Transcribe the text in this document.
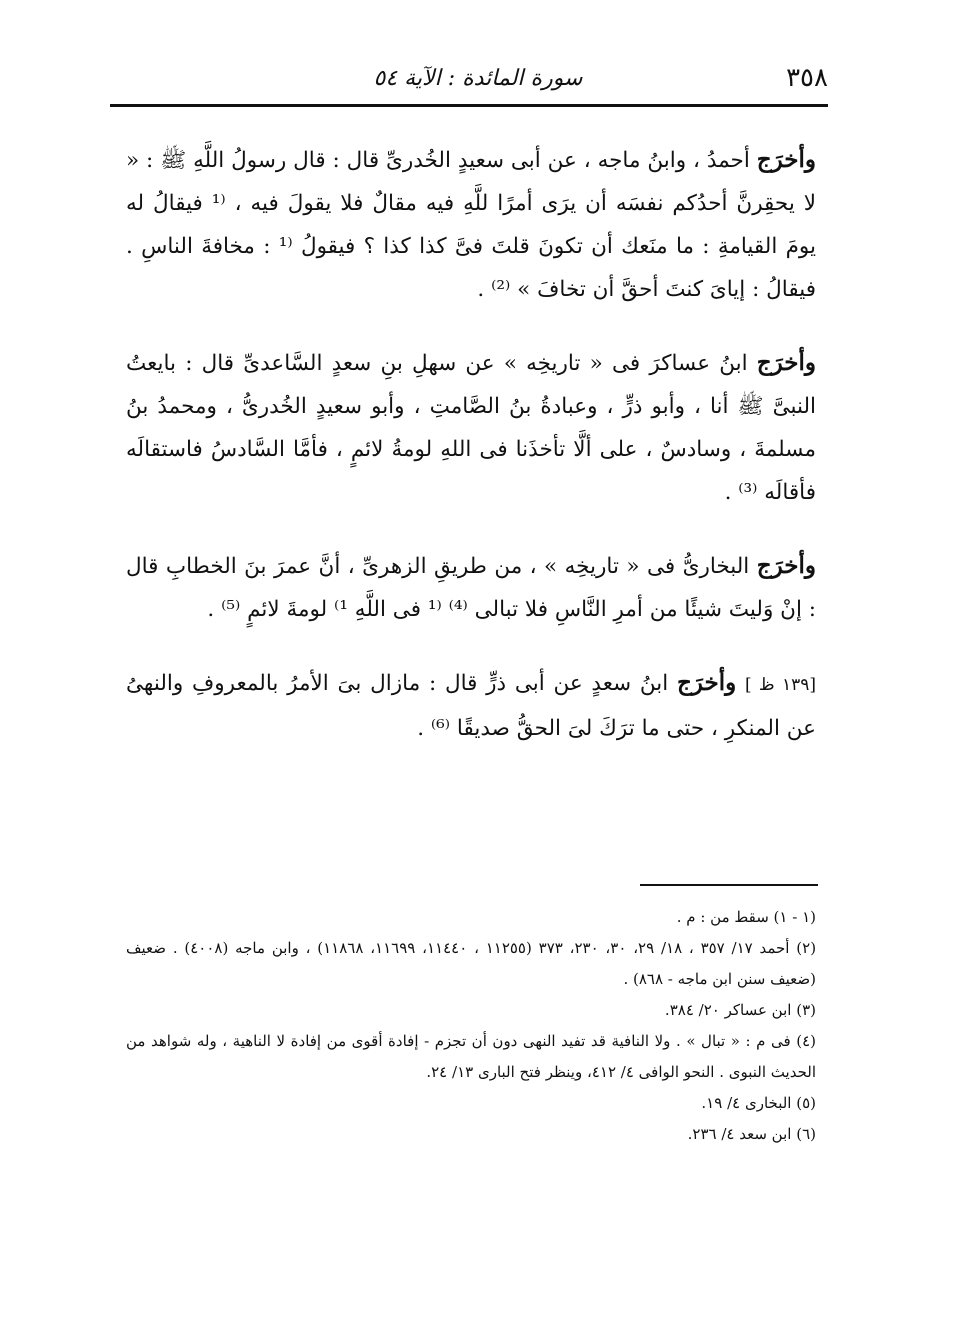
٣٥٨
سورة المائدة : الآية ٥٤

وأخرَج أحمدُ ، وابنُ ماجه ، عن أبى سعيدٍ الخُدرىِّ قال : قال رسولُ اللَّهِ ﷺ : « لا يحقِرنَّ أحدُكم نفسَه أن يرَى أمرًا للَّهِ فيه مقالٌ فلا يقولَ فيه ، ⁽¹ فيقالُ له يومَ القيامةِ : ما منَعك أن تكونَ قلتَ فىَّ كذا كذا ؟ فيقولُ ⁽¹ : مخافةَ الناسِ . فيقالُ : إياىَ كنتَ أحقَّ أن تخافَ » ⁽²⁾ .

وأخرَج ابنُ عساكرَ فى « تاريخِه » عن سهلِ بنِ سعدٍ السَّاعدىِّ قال : بايعتُ النبىَّ ﷺ أنا ، وأبو ذرٍّ ، وعبادةُ بنُ الصَّامتِ ، وأبو سعيدٍ الخُدرىُّ ، ومحمدُ بنُ مسلمةَ ، وسادسٌ ، على ألَّا تأخذَنا فى اللهِ لومةُ لائمٍ ، فأمَّا السَّادسُ فاستقالَه فأقالَه ⁽³⁾ .

وأخرَج البخارىُّ فى « تاريخِه » ، من طريقِ الزهرىِّ ، أنَّ عمرَ بنَ الخطابِ قال : إنْ وَليتَ شيئًا من أمرِ النَّاسِ فلا تبالى ⁽⁴⁾ ⁽¹ فى اللَّهِ ¹⁾ لومةَ لائمٍ ⁽⁵⁾ .

[١٣٩ ظ ] وأخرَج ابنُ سعدٍ عن أبى ذرٍّ قال : مازال بىَ الأمرُ بالمعروفِ والنهىُ عن المنكرِ ، حتى ما ترَكَ لىَ الحقُّ صديقًا ⁽⁶⁾ .

(١ - ١) سقط من : م .

(٢) أحمد ١٧/ ٣٥٧ ، ١٨/ ٢٩، ٣٠، ٢٣٠، ٣٧٣ (١١٢٥٥ ، ١١٤٤٠، ١١٦٩٩، ١١٨٦٨) ، وابن ماجه (٤٠٠٨) . ضعيف (ضعيف سنن ابن ماجه - ٨٦٨) .

(٣) ابن عساكر ٢٠/ ٣٨٤.

(٤) فى م : « تبال » . ولا النافية قد تفيد النهى دون أن تجزم - إفادة أقوى من إفادة لا الناهية ، وله شواهد من الحديث النبوى . النحو الوافى ٤/ ٤١٢، وينظر فتح البارى ١٣/ ٢٤.

(٥) البخارى ٤/ ١٩.

(٦) ابن سعد ٤/ ٢٣٦.
